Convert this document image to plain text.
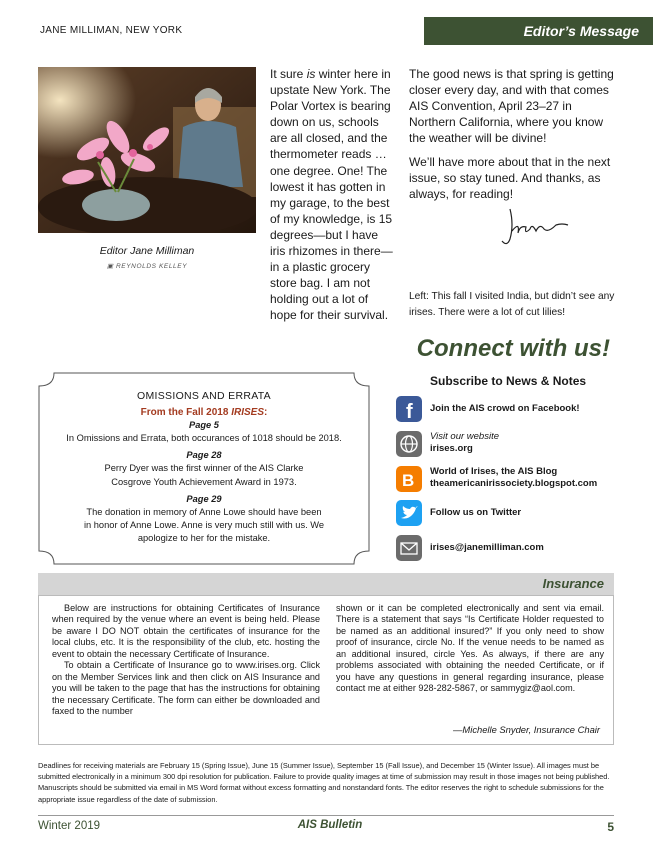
JANE MILLIMAN, NEW YORK	Editor’s Message
Editor Jane Milliman
▣ REYNOLDS KELLEY
It sure is winter here in upstate New York. The Polar Vortex is bearing down on us, schools are all closed, and the thermometer reads … one degree. One! The lowest it has gotten in my garage, to the best of my knowledge, is 15 degrees—but I have iris rhizomes in there—in a plastic grocery store bag. I am not holding out a lot of hope for their survival.
The good news is that spring is getting closer every day, and with that comes AIS Convention, April 23–27 in Northern California, where you know the weather will be divine!
We’ll have more about that in the next issue, so stay tuned. And thanks, as always, for reading!
Left: This fall I visited India, but didn’t see any irises. There were a lot of cut lilies!
OMISSIONS AND ERRATA
From the Fall 2018 IRISES:
Page 5
In Omissions and Errata, both occurances of 1018 should be 2018.
Page 28
Perry Dyer was the first winner of the AIS Clarke Cosgrove Youth Achievement Award in 1973.
Page 29
The donation in memory of Anne Lowe should have been in honor of Anne Lowe. Anne is very much still with us. We apologize to her for the mistake.
Connect with us!
Subscribe to News & Notes
f Join the AIS crowd on Facebook!
Visit our website
irises.org
B World of Irises, the AIS Blog
theamericanirissociety.blogspot.com
Follow us on Twitter
irises@janemilliman.com
Insurance
Below are instructions for obtaining Certificates of Insurance when required by the venue where an event is being held. Please be aware I DO NOT obtain the certificates of insurance for the local clubs, etc. It is the responsibility of the club, etc. hosting the event to obtain the necessary Certificate of Insurance.
To obtain a Certificate of Insurance go to www.irises.org. Click on the Member Services link and then click on AIS Insurance and you will be taken to the page that has the instructions for obtaining the necessary Certificate. The form can either be downloaded and faxed to the number
shown or it can be completed electronically and sent via email. There is a statement that says “Is Certificate Holder requested to be named as an additional insured?” If you only need to show proof of insurance, circle No. If the venue needs to be named as an additional insured, circle Yes. As always, if there are any problems associated with obtaining the needed Certificate, or if you have any questions in general regarding insurance, please contact me at either 928-282-5867, or sammygiz@aol.com.
—Michelle Snyder, Insurance Chair
Deadlines for receiving materials are February 15 (Spring Issue), June 15 (Summer Issue), September 15 (Fall Issue), and December 15 (Winter Issue). All images must be submitted electronically in a minimum 300 dpi resolution for publication. Failure to provide quality images at time of submission may result in those images not being published. Manuscripts should be submitted via email in MS Word format without excess formatting and nonstandard fonts. The editor reserves the right to schedule submissions for the appropriate issue regardless of the date of submission.
Winter 2019	AIS Bulletin	5
